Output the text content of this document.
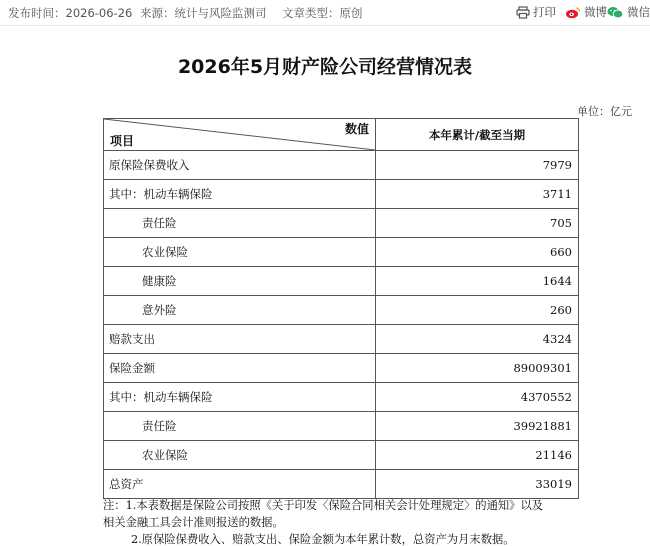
发布时间：2026-06-26 来源：统计与风险监测司 文章类型：原创	打印 微博 微信
2026年5月财产险公司经营情况表
单位：亿元
数值
项目	本年累计/截至当期
原保险保费收入	7979
其中：机动车辆保险	3711
责任险	705
农业保险	660
健康险	1644
意外险	260
赔款支出	4324
保险金额	89009301
其中：机动车辆保险	4370552
责任险	39921881
农业保险	21146
总资产	33019

注：1.本表数据是保险公司按照《关于印发〈保险合同相关会计处理规定〉的通知》以及

相关金融工具会计准则报送的数据。

2.原保险保费收入、赔款支出、保险金额为本年累计数，总资产为月末数据。
